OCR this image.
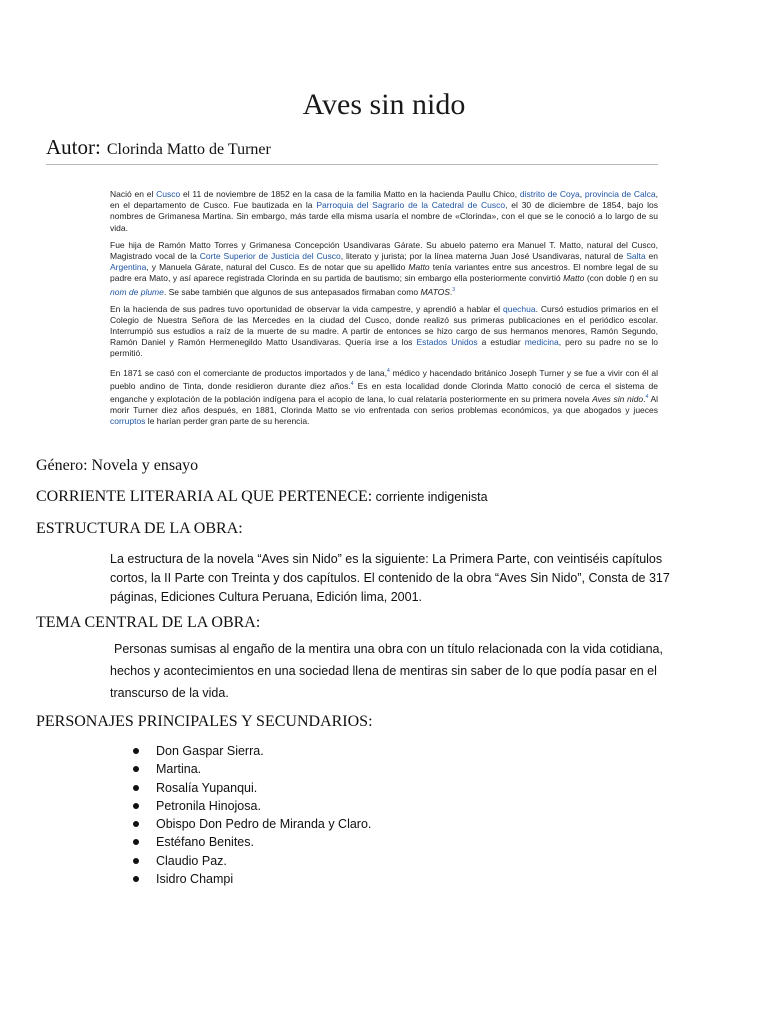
Aves sin nido
Autor: Clorinda Matto de Turner

Nació en el Cusco el 11 de noviembre de 1852 en la casa de la familia Matto en la hacienda Paullu Chico, distrito de Coya, provincia de Calca, en el departamento de Cusco. Fue bautizada en la Parroquia del Sagrario de la Catedral de Cusco, el 30 de diciembre de 1854, bajo los nombres de Grimanesa Martina. Sin embargo, más tarde ella misma usaría el nombre de «Clorinda», con el que se le conoció a lo largo de su vida.

Fue hija de Ramón Matto Torres y Grimanesa Concepción Usandivaras Gárate. Su abuelo paterno era Manuel T. Matto, natural del Cusco, Magistrado vocal de la Corte Superior de Justicia del Cusco, literato y jurista; por la línea materna Juan José Usandivaras, natural de Salta en Argentina, y Manuela Gárate, natural del Cusco. Es de notar que su apellido Matto tenía variantes entre sus ancestros. El nombre legal de su padre era Mato, y así aparece registrada Clorinda en su partida de bautismo; sin embargo ella posteriormente convirtió Matto (con doble t) en su nom de plume. Se sabe también que algunos de sus antepasados firmaban como MATOS.$^3$

En la hacienda de sus padres tuvo oportunidad de observar la vida campestre, y aprendió a hablar el quechua. Cursó estudios primarios en el Colegio de Nuestra Señora de las Mercedes en la ciudad del Cusco, donde realizó sus primeras publicaciones en el periódico escolar. Interrumpió sus estudios a raíz de la muerte de su madre. A partir de entonces se hizo cargo de sus hermanos menores, Ramón Segundo, Ramón Daniel y Ramón Hermenegildo Matto Usandivaras. Quería irse a los Estados Unidos a estudiar medicina, pero su padre no se lo permitió.

En 1871 se casó con el comerciante de productos importados y de lana,$^4$ médico y hacendado británico Joseph Turner y se fue a vivir con él al pueblo andino de Tinta, donde residieron durante diez años.$^4$ Es en esta localidad donde Clorinda Matto conoció de cerca el sistema de enganche y explotación de la población indígena para el acopio de lana, lo cual relataría posteriormente en su primera novela Aves sin nido.$^4$ Al morir Turner diez años después, en 1881, Clorinda Matto se vio enfrentada con serios problemas económicos, ya que abogados y jueces corruptos le harían perder gran parte de su herencia.

Género: Novela y ensayo
CORRIENTE LITERARIA AL QUE PERTENECE: corriente indigenista
ESTRUCTURA DE LA OBRA:
La estructura de la novela “Aves sin Nido” es la siguiente: La Primera Parte, con veintiséis capítulos cortos, la II Parte con Treinta y dos capítulos. El contenido de la obra “Aves Sin Nido”, Consta de 317 páginas, Ediciones Cultura Peruana, Edición lima, 2001.
TEMA CENTRAL DE LA OBRA:
Personas sumisas al engaño de la mentira una obra con un título relacionada con la vida cotidiana, hechos y acontecimientos en una sociedad llena de mentiras sin saber de lo que podía pasar en el transcurso de la vida.
PERSONAJES PRINCIPALES Y SECUNDARIOS:
Don Gaspar Sierra.
Martina.
Rosalía Yupanqui.
Petronila Hinojosa.
Obispo Don Pedro de Miranda y Claro.
Estéfano Benites.
Claudio Paz.
Isidro Champi
